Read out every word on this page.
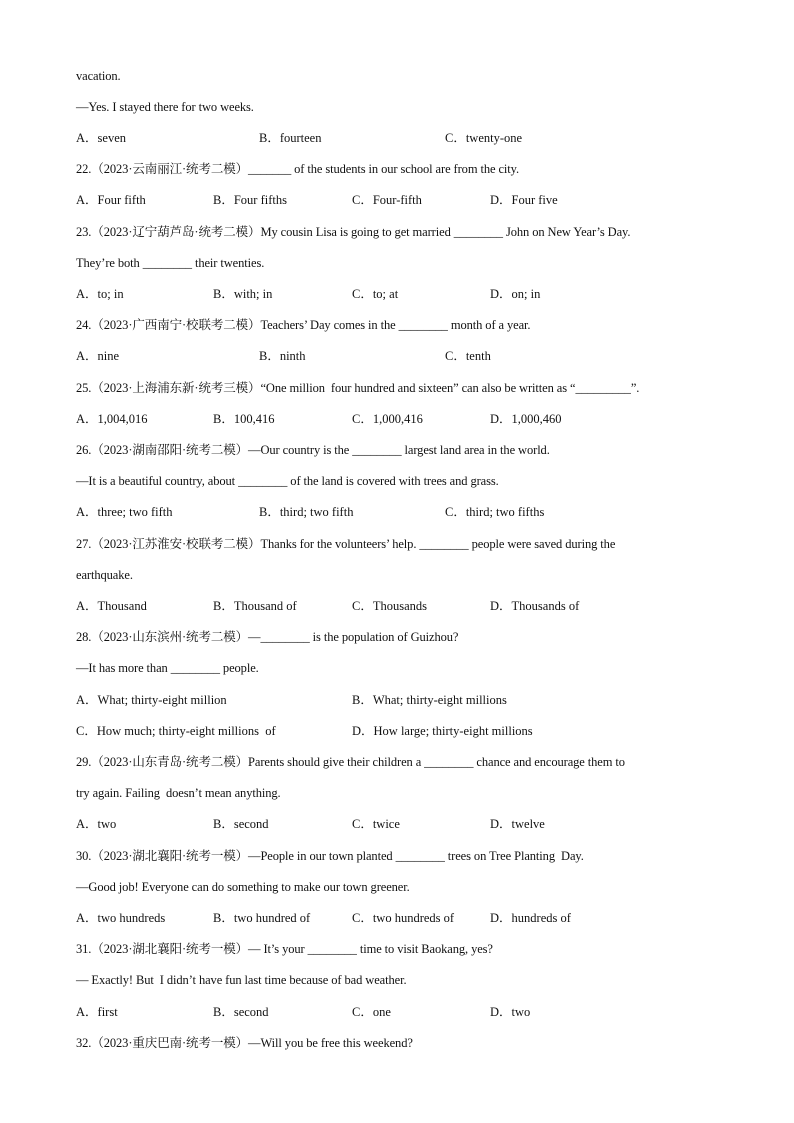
vacation.
—Yes. I stayed there for two weeks.
A．seven	B．fourteen	C．twenty-one
22.（2023·云南丽江·统考二模）_______ of the students in our school are from the city.
A．Four fifth	B．Four fifths	C．Four-fifth	D．Four five
23.（2023·辽宁葫芦岛·统考二模）My cousin Lisa is going to get married ________ John on New Year’s Day.
They’re both ________ their twenties.
A．to; in	B．with; in	C．to; at	D．on; in
24.（2023·广西南宁·校联考二模）Teachers’ Day comes in the ________ month of a year.
A．nine	B．ninth	C．tenth
25.（2023·上海浦东新·统考三模）“One million  four hundred and sixteen” can also be written as “_________”.
A．1,004,016	B．100,416	C．1,000,416	D．1,000,460
26.（2023·湖南邵阳·统考二模）—Our country is the ________ largest land area in the world.
—It is a beautiful country, about ________ of the land is covered with trees and grass.
A．three; two fifth	B．third; two fifth	C．third; two fifths
27.（2023·江苏淮安·校联考二模）Thanks for the volunteers’ help. ________ people were saved during the
earthquake.
A．Thousand	B．Thousand of	C．Thousands	D．Thousands of
28.（2023·山东滨州·统考二模）—________ is the population of Guizhou?
—It has more than ________ people.
A．What; thirty-eight million	B．What; thirty-eight millions
C．How much; thirty-eight millions  of	D．How large; thirty-eight millions
29.（2023·山东青岛·统考二模）Parents should give their children a ________ chance and encourage them to
try again. Failing  doesn’t mean anything.
A．two	B．second	C．twice	D．twelve
30.（2023·湖北襄阳·统考一模）—People in our town planted ________ trees on Tree Planting  Day.
—Good job! Everyone can do something to make our town greener.
A．two hundreds	B．two hundred of	C．two hundreds of	D．hundreds of
31.（2023·湖北襄阳·统考一模）— It’s your ________ time to visit Baokang, yes?
— Exactly! But  I didn’t have fun last time because of bad weather.
A．first	B．second	C．one	D．two
32.（2023·重庆巴南·统考一模）—Will you be free this weekend?
